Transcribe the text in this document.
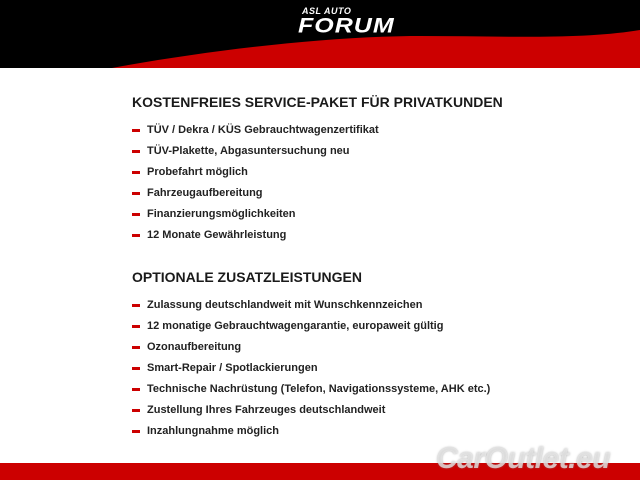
ASL AUTO
FORUM
KOSTENFREIES SERVICE-PAKET FÜR PRIVATKUNDEN
TÜV / Dekra / KÜS Gebrauchtwagenzertifikat
TÜV-Plakette, Abgasuntersuchung neu
Probefahrt möglich
Fahrzeugaufbereitung
Finanzierungsmöglichkeiten
12 Monate Gewährleistung
OPTIONALE ZUSATZLEISTUNGEN
Zulassung deutschlandweit mit Wunschkennzeichen
12 monatige Gebrauchtwagengarantie, europaweit gültig
Ozonaufbereitung
Smart-Repair / Spotlackierungen
Technische Nachrüstung (Telefon, Navigationssysteme, AHK etc.)
Zustellung Ihres Fahrzeuges deutschlandweit
Inzahlungnahme möglich
CarOutlet.eu
